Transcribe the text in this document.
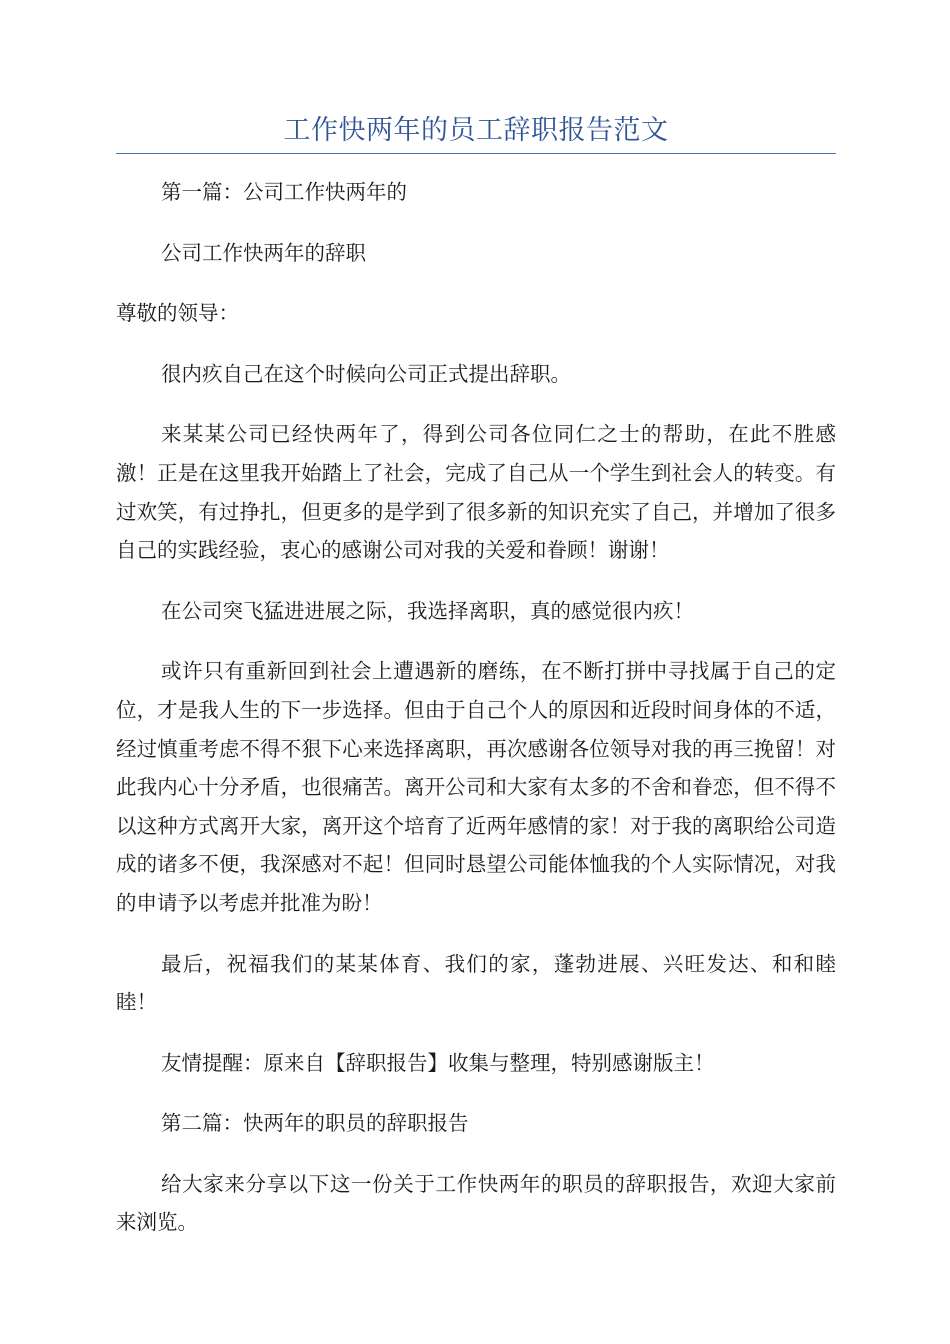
工作快两年的员工辞职报告范文

第一篇：公司工作快两年的

公司工作快两年的辞职

尊敬的领导：

很内疚自己在这个时候向公司正式提出辞职。

来某某公司已经快两年了，得到公司各位同仁之士的帮助，在此不胜感激！正是在这里我开始踏上了社会，完成了自己从一个学生到社会人的转变。有过欢笑，有过挣扎，但更多的是学到了很多新的知识充实了自己，并增加了很多自己的实践经验，衷心的感谢公司对我的关爱和眷顾！谢谢！

在公司突飞猛进进展之际，我选择离职，真的感觉很内疚！

或许只有重新回到社会上遭遇新的磨练，在不断打拼中寻找属于自己的定位，才是我人生的下一步选择。但由于自己个人的原因和近段时间身体的不适，经过慎重考虑不得不狠下心来选择离职，再次感谢各位领导对我的再三挽留！对此我内心十分矛盾，也很痛苦。离开公司和大家有太多的不舍和眷恋，但不得不以这种方式离开大家，离开这个培育了近两年感情的家！对于我的离职给公司造成的诸多不便，我深感对不起！但同时恳望公司能体恤我的个人实际情况，对我的申请予以考虑并批准为盼！

最后，祝福我们的某某体育、我们的家，蓬勃进展、兴旺发达、和和睦睦！

友情提醒：原来自【辞职报告】收集与整理，特别感谢版主！

第二篇：快两年的职员的辞职报告

给大家来分享以下这一份关于工作快两年的职员的辞职报告，欢迎大家前来浏览。
